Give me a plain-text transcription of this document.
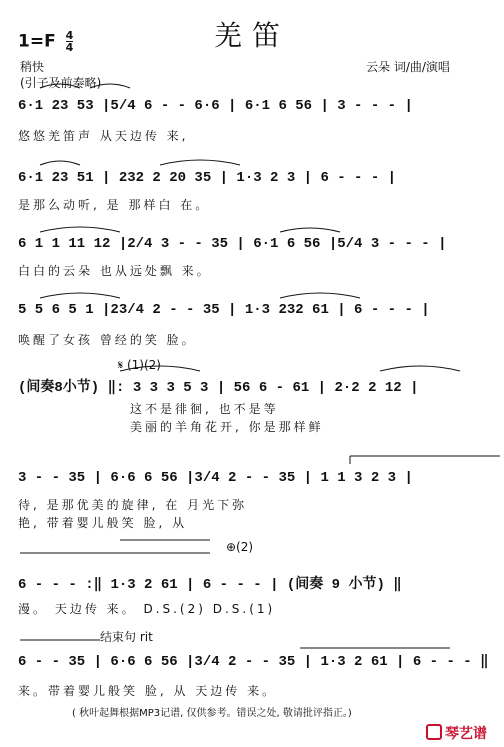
羌笛
$1=F \frac{4}{4}$
稍快	云朵 词/曲/演唱
(引子及前奏略)
6·1 23 53 |5/4 6 - - 6·6 | 6·1 6 56 | 3 - - - |
悠悠羌笛声 从天边传 来,
6·1 23 51 | 232 2 20 35 | 1·3 2 3 | 6 - - - |
是那么动听, 是 那样白 在。
6 1 1 11 12 |2/4 3 - - 35 | 6·1 6 56 |5/4 3 - - - |
白白的云朵 也从远处飘 来。
5 5 6 5 1 |23/4 2 - - 35 | 1·3 232 61 | 6 - - - |
唤醒了女孩 曾经的笑 脸。
𝄋 (1)(2)
(间奏8小节) ‖: 3 3 3 5 3 | 56 6 - 61 | 2·2 2 12 |
这不是徘徊, 也不是等
美丽的羊角花开, 你是那样鲜
3 - - 35 | 6·6 6 56 |3/4 2 - - 35 | 1 1 3 2 3 |
待, 是那优美的旋律, 在 月光下弥
艳, 带着婴儿般笑 脸, 从
⊕(2)
6 - - - :‖ 1·3 2 61 | 6 - - - | (间奏 9 小节) ‖
漫。 天边传 来。 D.S.(2) D.S.(1)
结束句 rit
6 - - 35 | 6·6 6 56 |3/4 2 - - 35 | 1·3 2 61 | 6 - - - ‖
来。带着婴儿般笑 脸, 从 天边传 来。
( 秋叶起舞根据MP3记谱, 仅供参考。错误之处, 敬请批评指正。)
琴艺谱
